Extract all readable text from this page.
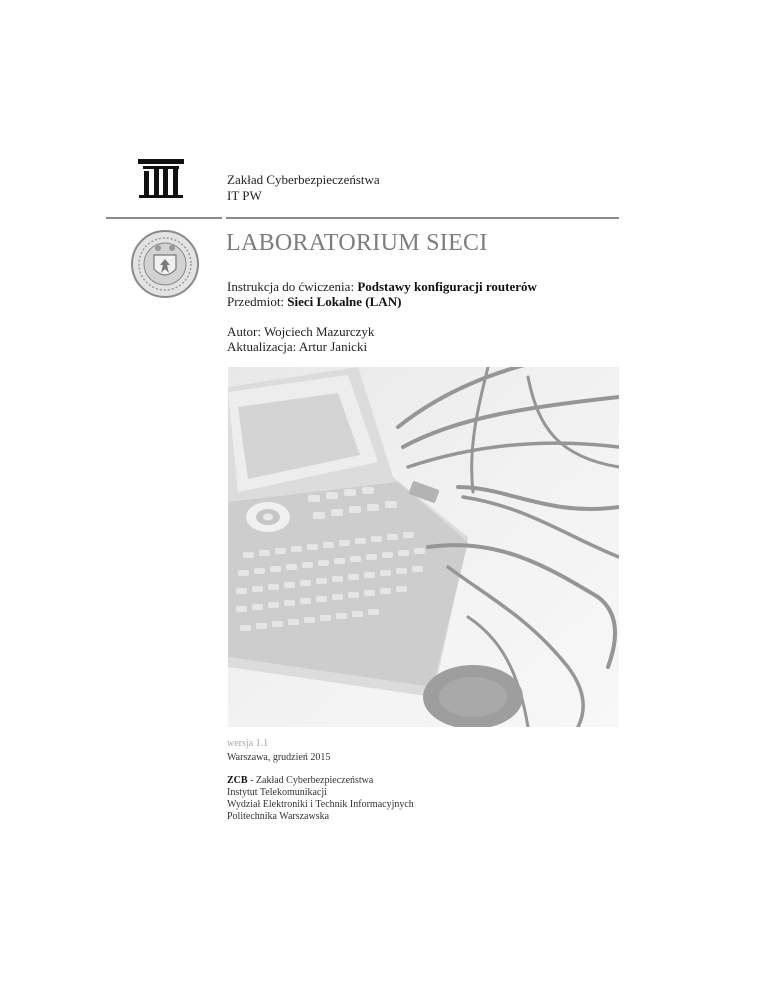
Zakład Cyberbezpieczeństwa
IT PW
LABORATORIUM SIECI
Instrukcja do ćwiczenia: Podstawy konfiguracji routerów
Przedmiot: Sieci Lokalne (LAN)
Autor: Wojciech Mazurczyk
Aktualizacja: Artur Janicki
wersja 1.1
Warszawa, grudzień 2015
ZCB - Zakład Cyberbezpieczeństwa
Instytut Telekomunikacji
Wydział Elektroniki i Technik Informacyjnych
Politechnika Warszawska
